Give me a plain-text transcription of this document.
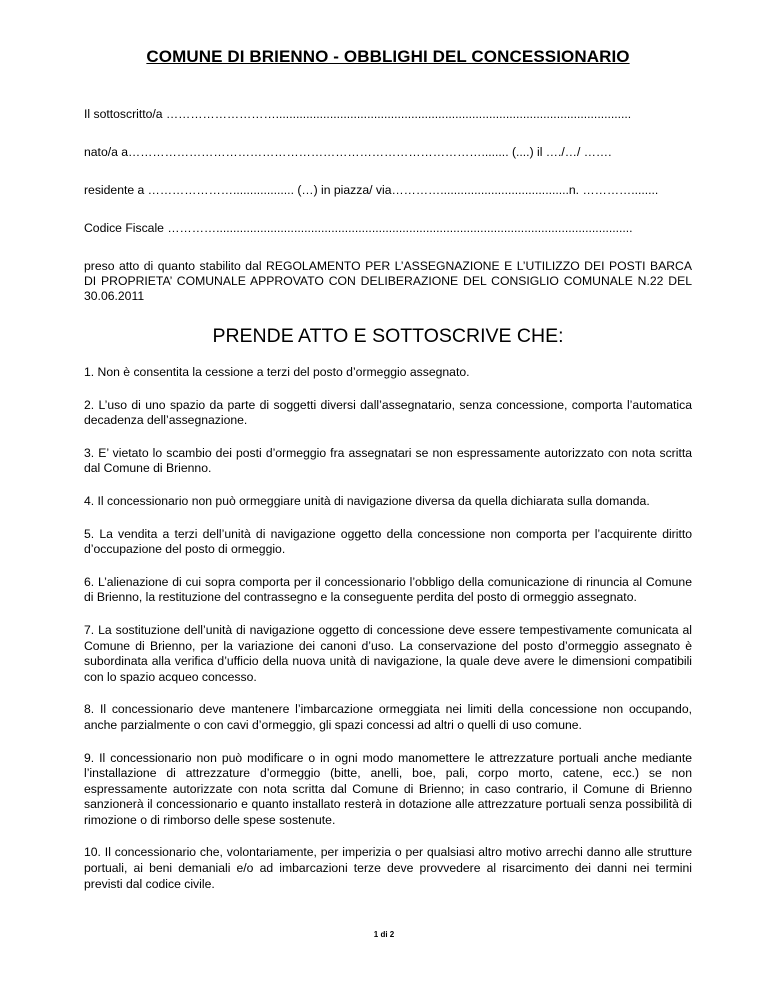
COMUNE DI BRIENNO - OBBLIGHI DEL CONCESSIONARIO
Il sottoscritto/a ……………………….........................................................................................................
nato/a a……………………………………………………………………………........ (....) il …./…/ …….
residente a ………………….................. (…) in piazza/ via…………......................................n. …………........
Codice Fiscale …………...........................................................................................................................
preso atto di quanto stabilito dal REGOLAMENTO PER L’ASSEGNAZIONE E L’UTILIZZO DEI POSTI BARCA DI PROPRIETA’ COMUNALE APPROVATO CON DELIBERAZIONE DEL CONSIGLIO COMUNALE N.22 DEL 30.06.2011
PRENDE ATTO E SOTTOSCRIVE CHE:

1. Non è consentita la cessione a terzi del posto d’ormeggio assegnato.

2. L’uso di uno spazio da parte di soggetti diversi dall’assegnatario, senza concessione, comporta l’automatica decadenza dell’assegnazione.

3. E’ vietato lo scambio dei posti d’ormeggio fra assegnatari se non espressamente autorizzato con nota scritta dal Comune di Brienno.

4. Il concessionario non può ormeggiare unità di navigazione diversa da quella dichiarata sulla domanda.

5. La vendita a terzi dell’unità di navigazione oggetto della concessione non comporta per l’acquirente diritto d’occupazione del posto di ormeggio.

6. L’alienazione di cui sopra comporta per il concessionario l’obbligo della comunicazione di rinuncia al Comune di Brienno, la restituzione del contrassegno e la conseguente perdita del posto di ormeggio assegnato.

7. La sostituzione dell’unità di navigazione oggetto di concessione deve essere tempestivamente comunicata al Comune di Brienno, per la variazione dei canoni d’uso. La conservazione del posto d’ormeggio assegnato è subordinata alla verifica d’ufficio della nuova unità di navigazione, la quale deve avere le dimensioni compatibili con lo spazio acqueo concesso.

8. Il concessionario deve mantenere l’imbarcazione ormeggiata nei limiti della concessione non occupando, anche parzialmente o con cavi d’ormeggio, gli spazi concessi ad altri o quelli di uso comune.

9. Il concessionario non può modificare o in ogni modo manomettere le attrezzature portuali anche mediante l’installazione di attrezzature d’ormeggio (bitte, anelli, boe, pali, corpo morto, catene, ecc.) se non espressamente autorizzate con nota scritta dal Comune di Brienno; in caso contrario, il Comune di Brienno sanzionerà il concessionario e quanto installato resterà in dotazione alle attrezzature portuali senza possibilità di rimozione o di rimborso delle spese sostenute.

10. Il concessionario che, volontariamente, per imperizia o per qualsiasi altro motivo arrechi danno alle strutture portuali, ai beni demaniali e/o ad imbarcazioni terze deve provvedere al risarcimento dei danni nei termini previsti dal codice civile.

1 di 2
